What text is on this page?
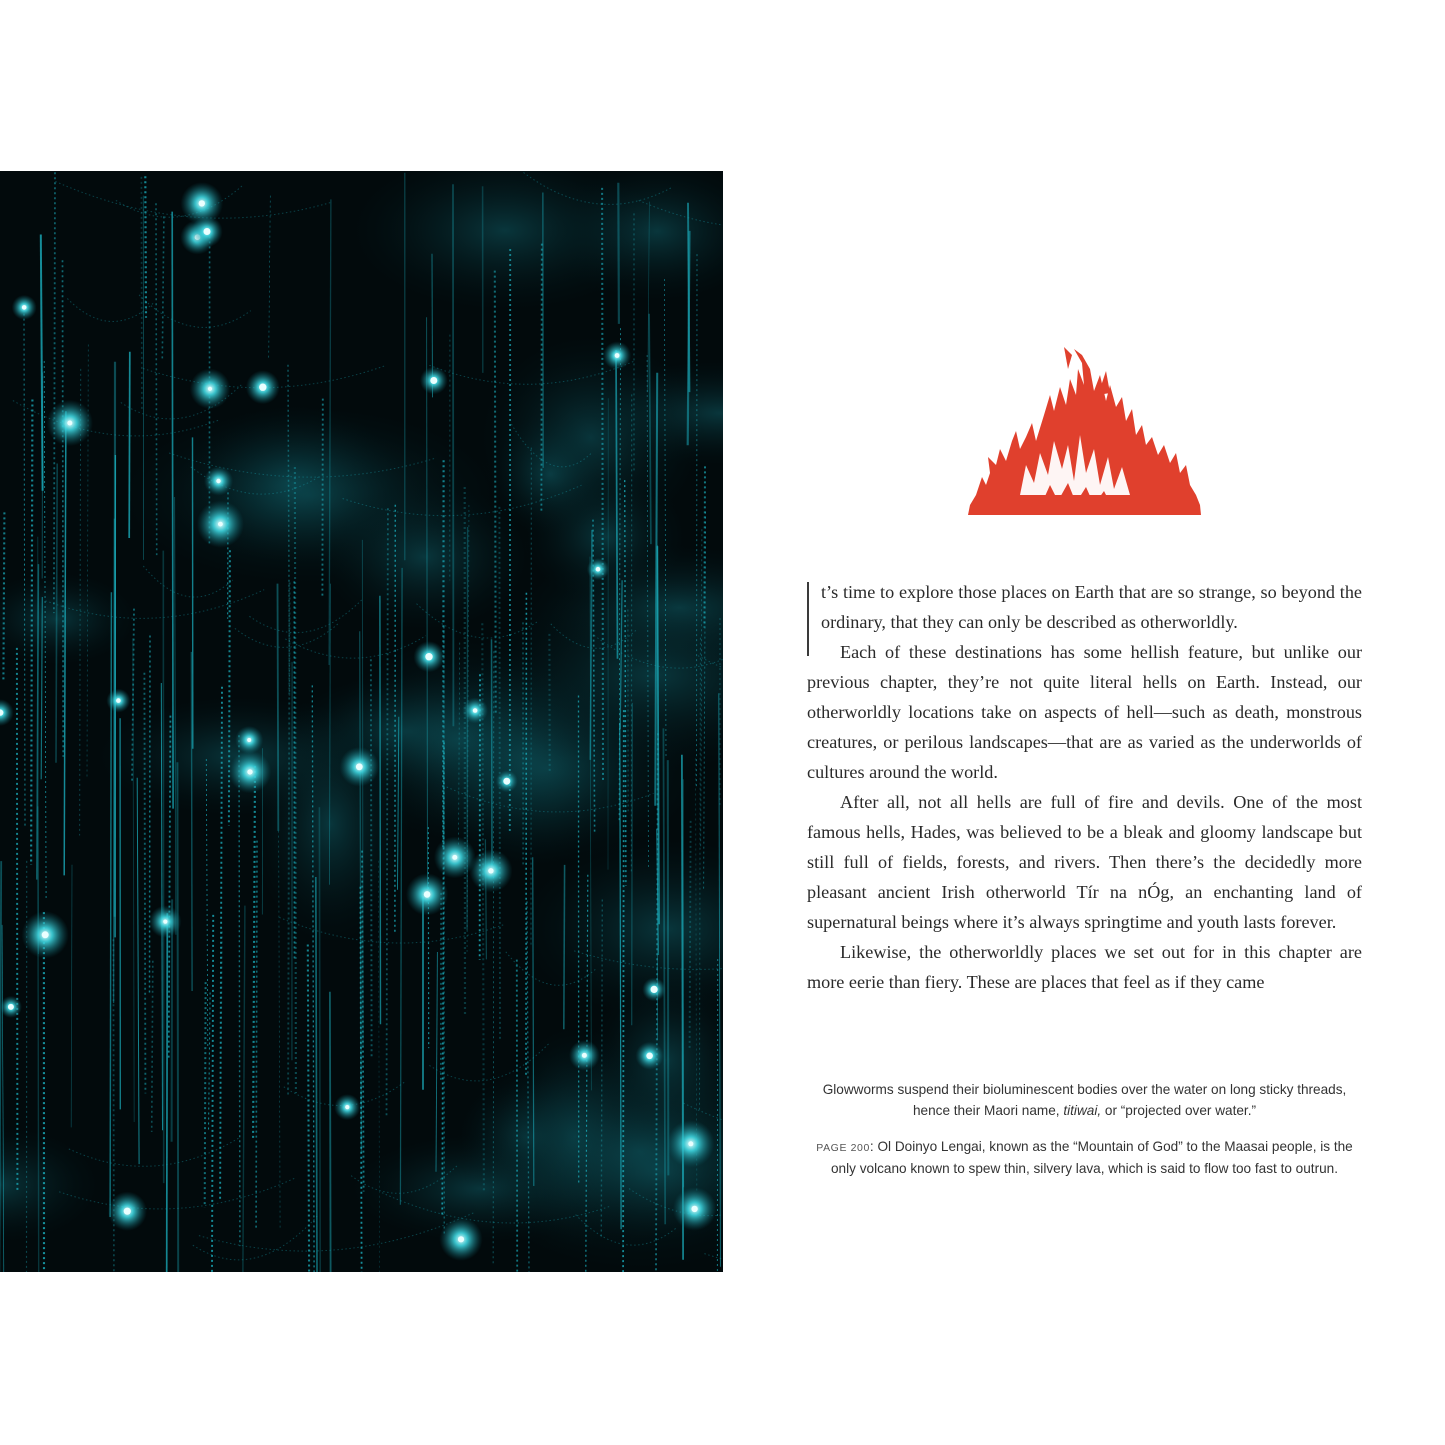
t’s time to explore those places on Earth that are so strange, so beyond the ordinary, that they can only be described as otherworldly.

Each of these destinations has some hellish feature, but unlike our previous chapter, they’re not quite literal hells on Earth. Instead, our otherworldly locations take on aspects of hell—such as death, monstrous creatures, or perilous landscapes—that are as varied as the underworlds of cultures around the world.

After all, not all hells are full of fire and devils. One of the most famous hells, Hades, was believed to be a bleak and gloomy landscape but still full of fields, forests, and rivers. Then there’s the decidedly more pleasant ancient Irish otherworld Tír na nÓg, an enchanting land of supernatural beings where it’s always springtime and youth lasts forever.

Likewise, the otherworldly places we set out for in this chapter are more eerie than fiery. These are places that feel as if they came

Glowworms suspend their bioluminescent bodies over the water on long sticky threads, hence their Maori name, titiwai, or “projected over water.”

PAGE 200: Ol Doinyo Lengai, known as the “Mountain of God” to the Maasai people, is the only volcano known to spew thin, silvery lava, which is said to flow too fast to outrun.
